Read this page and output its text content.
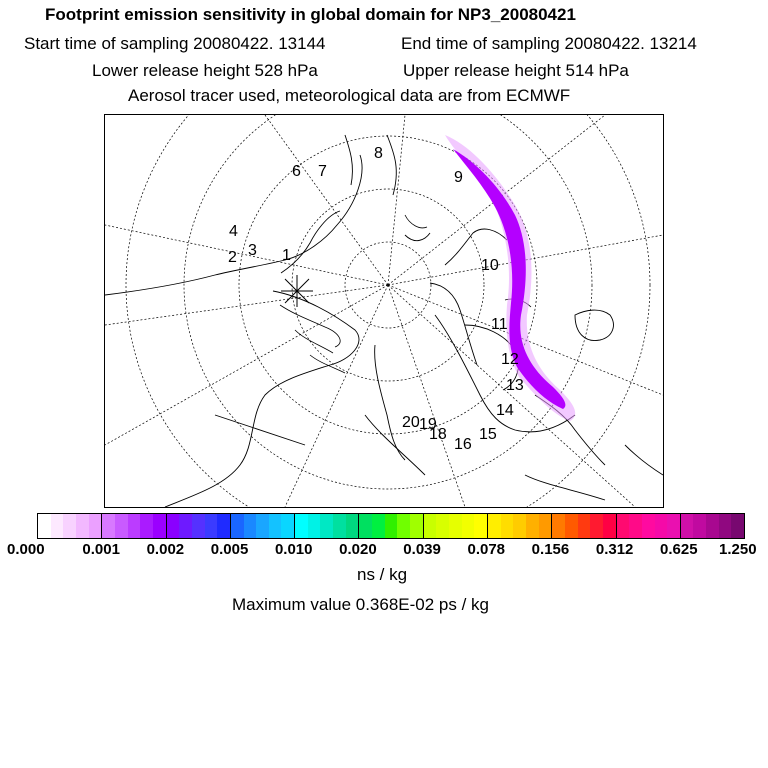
Footprint emission sensitivity in global domain for NP3_20080421
Start time of sampling 20080422. 13144	End time of sampling 20080422. 13214
Lower release height 528 hPa	Upper release height 514 hPa
Aerosol tracer used, meteorological data are from ECMWF
1
2 3
4
6 7
8
9
10
11
12
13
14
15
16
18
19
20
0.000	0.001 0.002 0.005 0.010 0.020 0.039 0.078 0.156 0.312 0.625 1.250
ns / kg
Maximum value 0.368E-02 ps / kg
